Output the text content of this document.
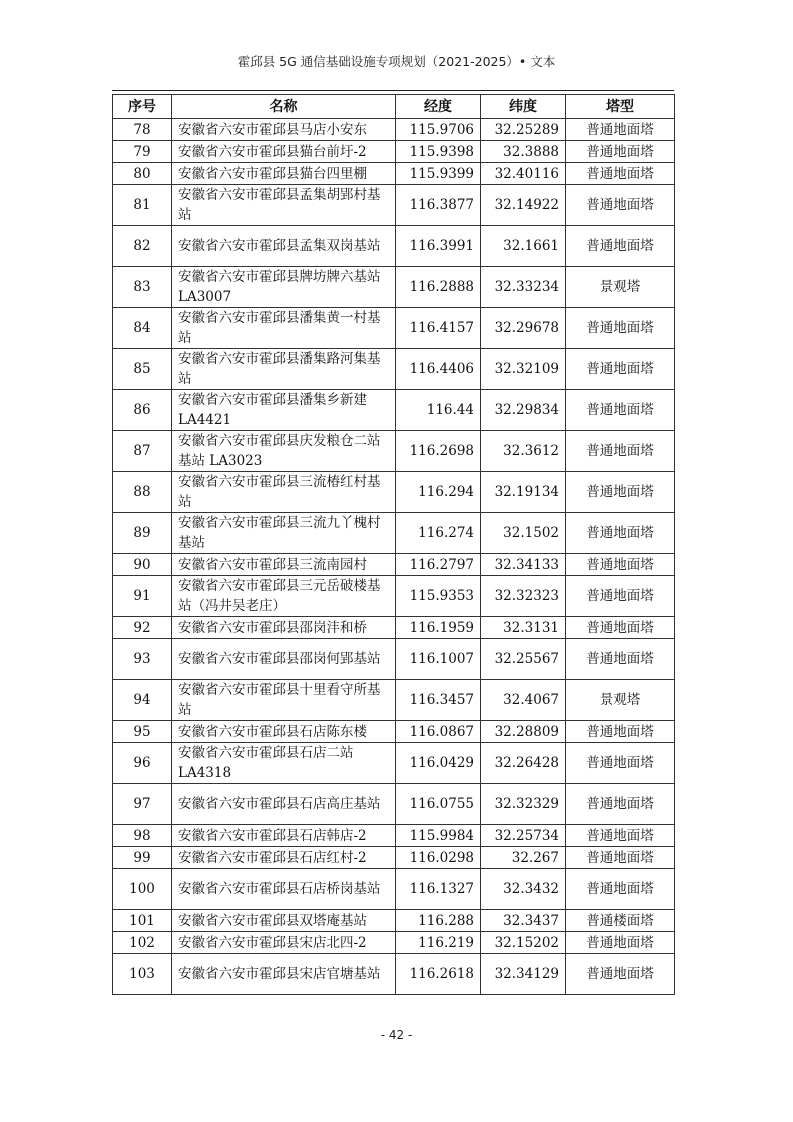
霍邱县 5G 通信基础设施专项规划（2021-2025）• 文本
序号	名称	经度	纬度	塔型
78	安徽省六安市霍邱县马店小安东	115.9706	32.25289	普通地面塔
79	安徽省六安市霍邱县猫台前圩-2	115.9398	32.3888	普通地面塔
80	安徽省六安市霍邱县猫台四里棚	115.9399	32.40116	普通地面塔
81	安徽省六安市霍邱县孟集胡郢村基站	116.3877	32.14922	普通地面塔
82	安徽省六安市霍邱县孟集双岗基站	116.3991	32.1661	普通地面塔
83	安徽省六安市霍邱县牌坊牌六基站 LA3007	116.2888	32.33234	景观塔
84	安徽省六安市霍邱县潘集黄一村基站	116.4157	32.29678	普通地面塔
85	安徽省六安市霍邱县潘集路河集基站	116.4406	32.32109	普通地面塔
86	安徽省六安市霍邱县潘集乡新建LA4421	116.44	32.29834	普通地面塔
87	安徽省六安市霍邱县庆发粮仓二站基站 LA3023	116.2698	32.3612	普通地面塔
88	安徽省六安市霍邱县三流椿红村基站	116.294	32.19134	普通地面塔
89	安徽省六安市霍邱县三流九丫槐村基站	116.274	32.1502	普通地面塔
90	安徽省六安市霍邱县三流南园村	116.2797	32.34133	普通地面塔
91	安徽省六安市霍邱县三元岳破楼基站（冯井吴老庄）	115.9353	32.32323	普通地面塔
92	安徽省六安市霍邱县邵岗沣和桥	116.1959	32.3131	普通地面塔
93	安徽省六安市霍邱县邵岗何郢基站	116.1007	32.25567	普通地面塔
94	安徽省六安市霍邱县十里看守所基站	116.3457	32.4067	景观塔
95	安徽省六安市霍邱县石店陈东楼	116.0867	32.28809	普通地面塔
96	安徽省六安市霍邱县石店二站LA4318	116.0429	32.26428	普通地面塔
97	安徽省六安市霍邱县石店高庄基站	116.0755	32.32329	普通地面塔
98	安徽省六安市霍邱县石店韩店-2	115.9984	32.25734	普通地面塔
99	安徽省六安市霍邱县石店红村-2	116.0298	32.267	普通地面塔
100	安徽省六安市霍邱县石店桥岗基站	116.1327	32.3432	普通地面塔
101	安徽省六安市霍邱县双塔庵基站	116.288	32.3437	普通楼面塔
102	安徽省六安市霍邱县宋店北四-2	116.219	32.15202	普通地面塔
103	安徽省六安市霍邱县宋店官塘基站	116.2618	32.34129	普通地面塔
- 42 -
